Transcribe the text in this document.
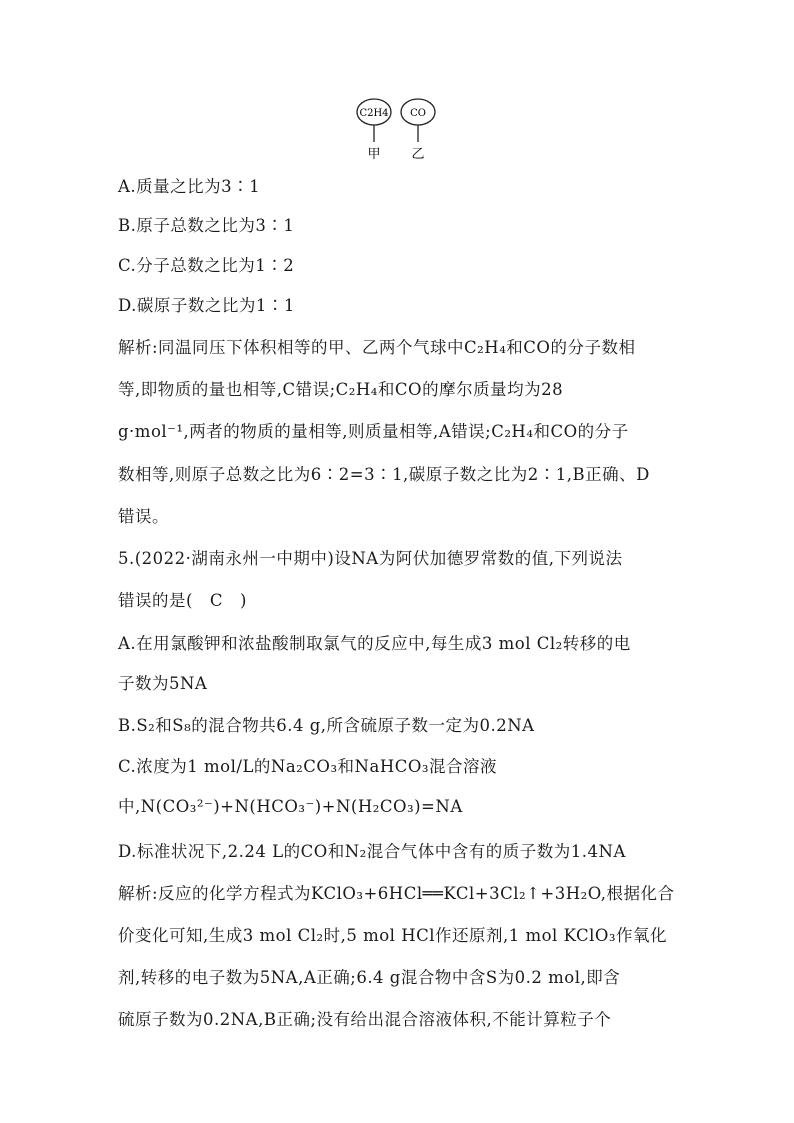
C2H4 CO
甲 乙
A.质量之比为3∶1
B.原子总数之比为3∶1
C.分子总数之比为1∶2
D.碳原子数之比为1∶1
解析:同温同压下体积相等的甲、乙两个气球中C₂H₄和CO的分子数相
等,即物质的量也相等,C错误;C₂H₄和CO的摩尔质量均为28
g·mol⁻¹,两者的物质的量相等,则质量相等,A错误;C₂H₄和CO的分子
数相等,则原子总数之比为6∶2=3∶1,碳原子数之比为2∶1,B正确、D
错误。
5.(2022·湖南永州一中期中)设NA为阿伏加德罗常数的值,下列说法
错误的是(　C　)
A.在用氯酸钾和浓盐酸制取氯气的反应中,每生成3 mol Cl₂转移的电
子数为5NA
B.S₂和S₈的混合物共6.4 g,所含硫原子数一定为0.2NA
C.浓度为1 mol/L的Na₂CO₃和NaHCO₃混合溶液
中,N(CO₃²⁻)+N(HCO₃⁻)+N(H₂CO₃)=NA
D.标准状况下,2.24 L的CO和N₂混合气体中含有的质子数为1.4NA
解析:反应的化学方程式为KClO₃+6HCl══KCl+3Cl₂↑+3H₂O,根据化合
价变化可知,生成3 mol Cl₂时,5 mol HCl作还原剂,1 mol KClO₃作氧化
剂,转移的电子数为5NA,A正确;6.4 g混合物中含S为0.2 mol,即含
硫原子数为0.2NA,B正确;没有给出混合溶液体积,不能计算粒子个
